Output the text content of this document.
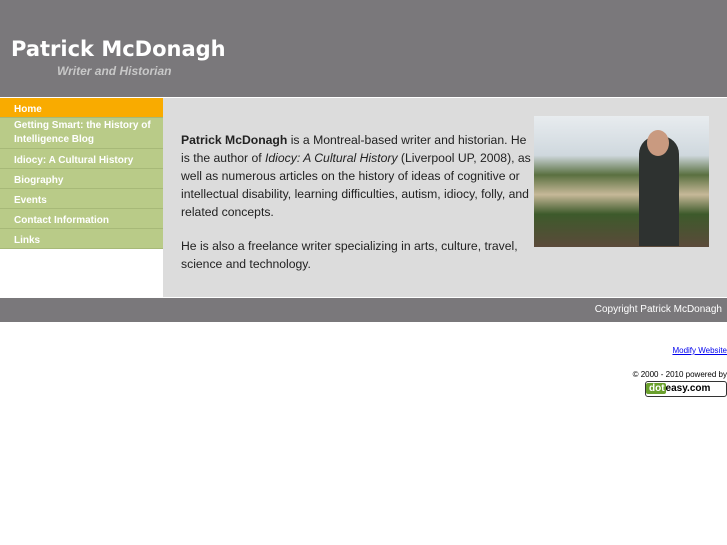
Patrick McDonagh
Writer and Historian
Home
Getting Smart: the History of Intelligence Blog
Idiocy: A Cultural History
Biography
Events
Contact Information
Links

Patrick McDonagh is a Montreal-based writer and historian. He is the author of Idiocy: A Cultural History (Liverpool UP, 2008), as well as numerous articles on the history of ideas of cognitive or intellectual disability, learning difficulties, autism, idiocy, folly, and related concepts.

He is also a freelance writer specializing in arts, culture, travel, science and technology.

Copyright Patrick McDonagh
Modify Website
© 2000 - 2010 powered by
doteasy.com
